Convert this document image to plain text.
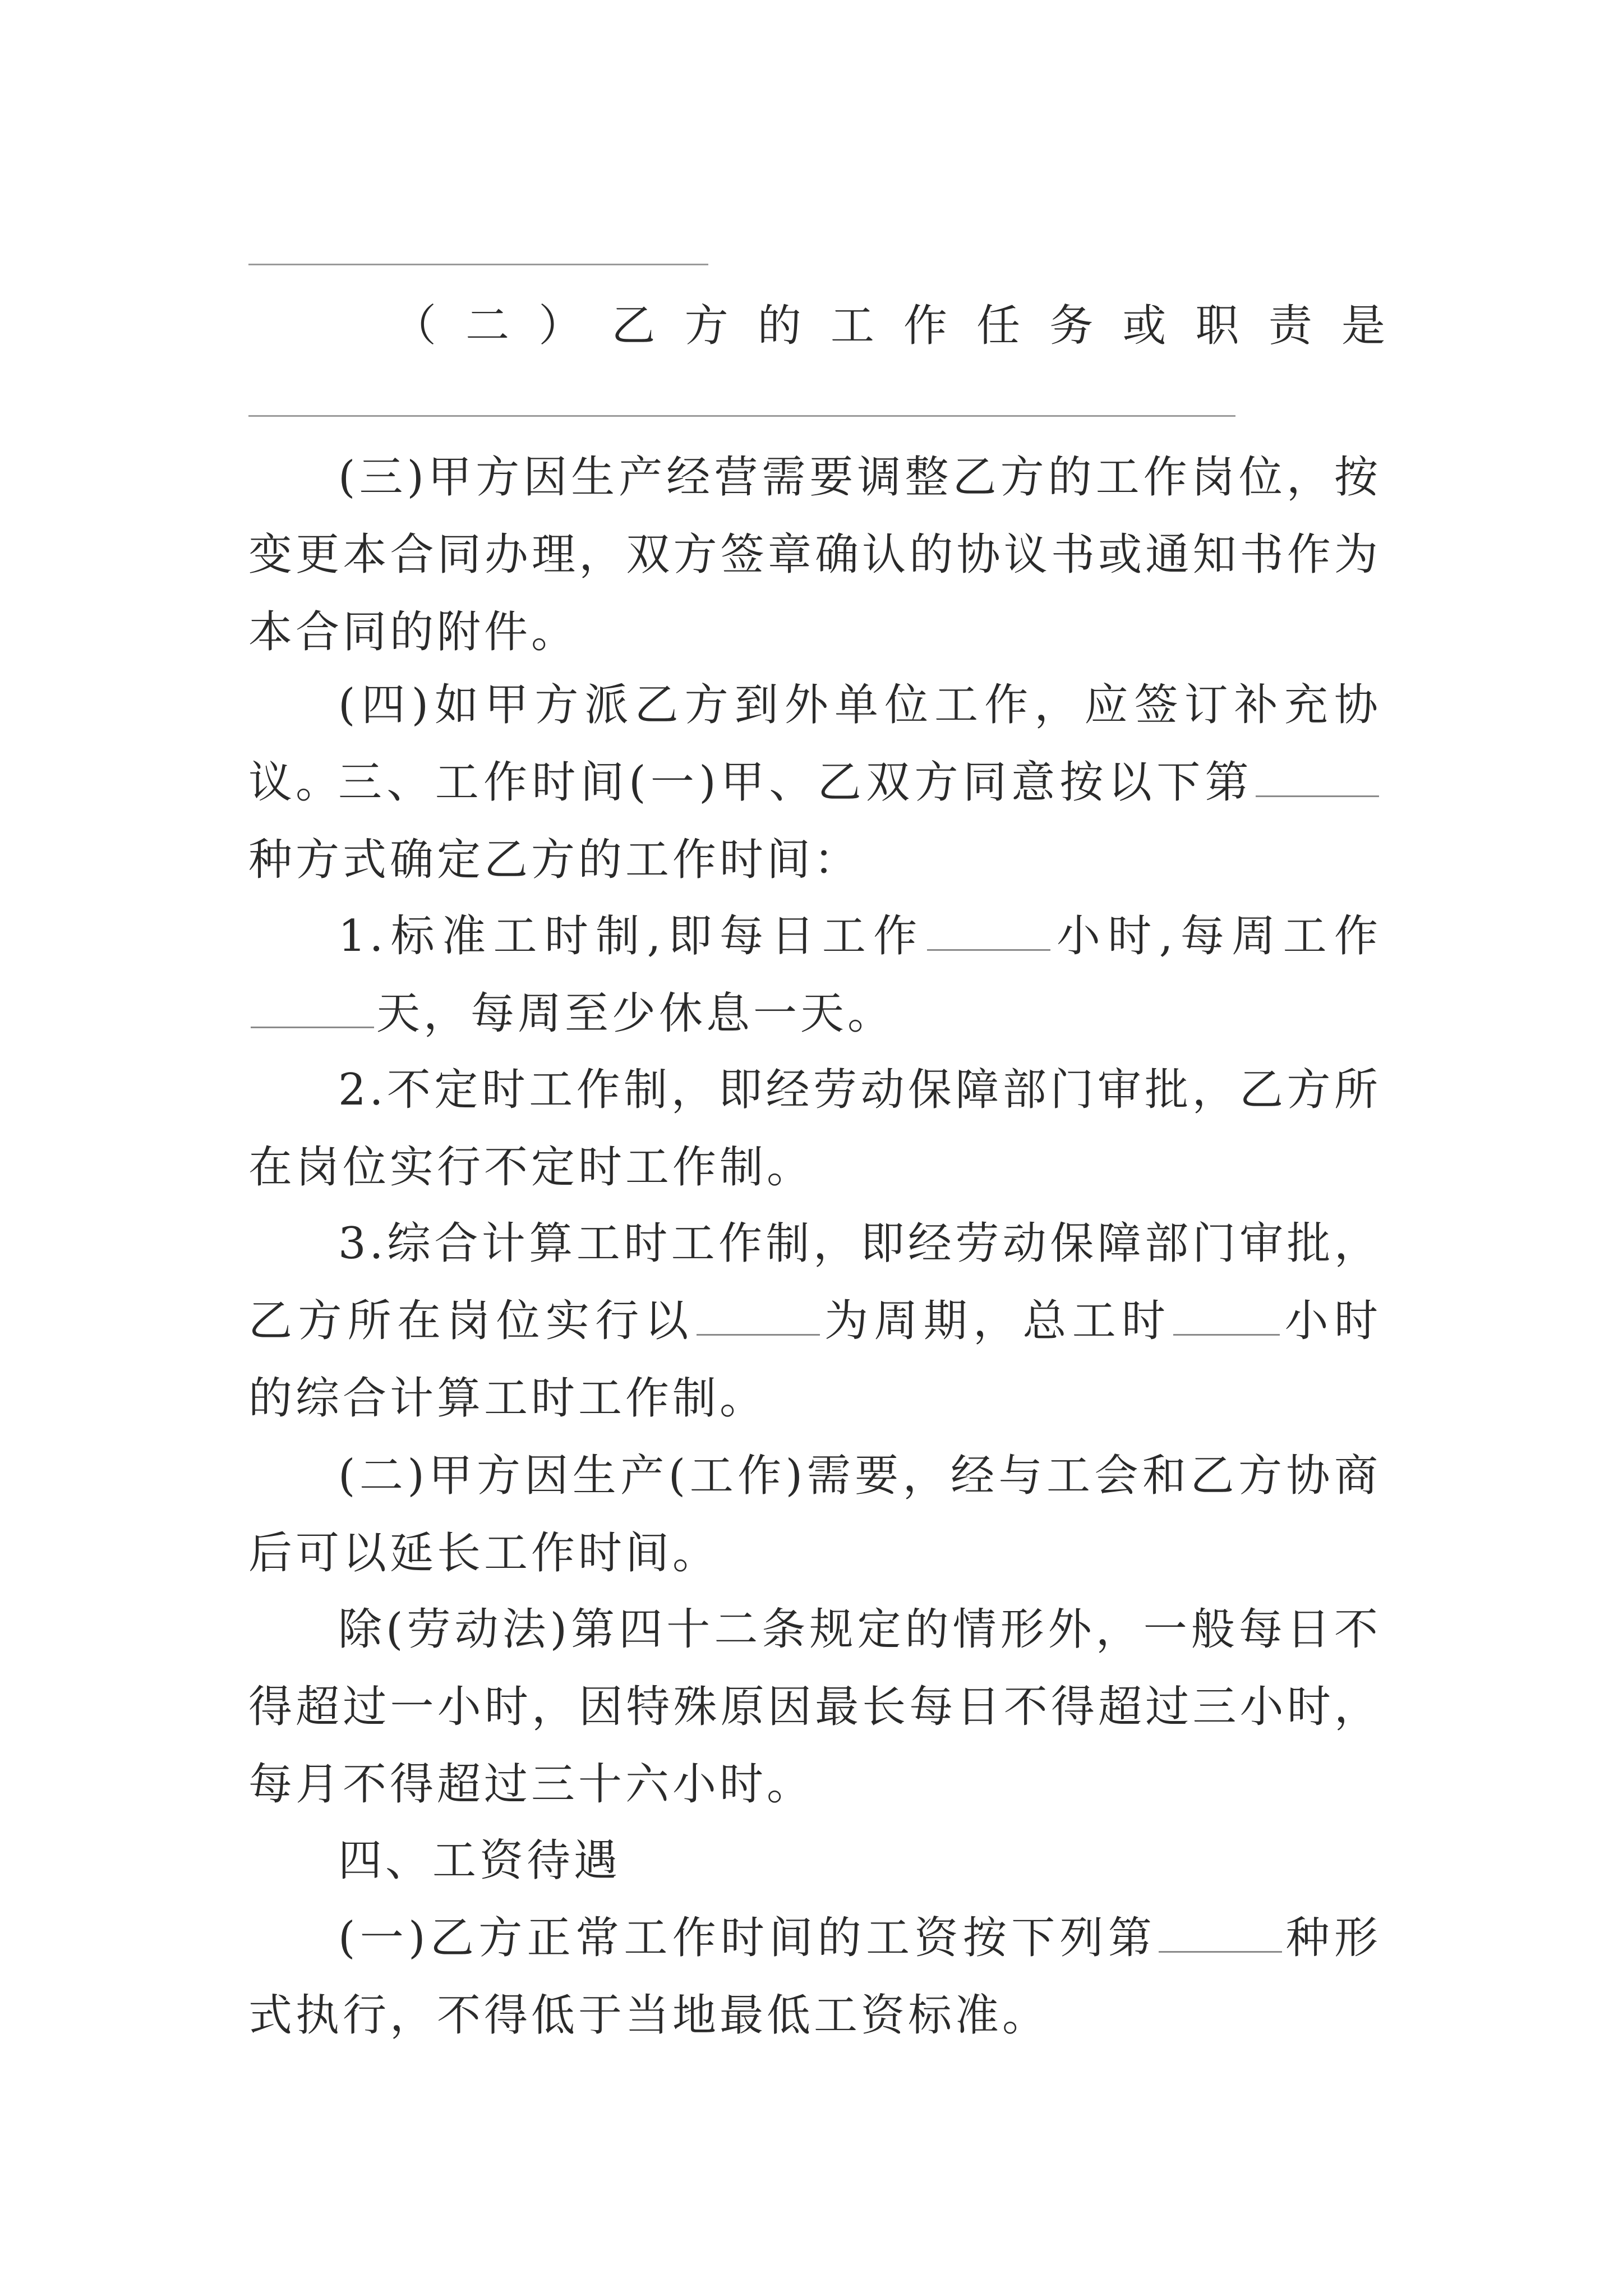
（ 二 ） 乙 方 的 工 作 任 务 或 职 责 是
(三)甲方因生产经营需要调整乙方的工作岗位，按变更本合同办理，双方签章确认的协议书或通知书作为本合同的附件。
(四)如甲方派乙方到外单位工作，应签订补充协议。
三、工作时间(一)甲、乙双方同意按以下第种方式确定乙方的工作时间：
1.标准工时制,即每日工作	小时,每周工作天，每周至少休息一天。
2.不定时工作制，即经劳动保障部门审批，乙方所在岗位实行不定时工作制。
3.综合计算工时工作制，即经劳动保障部门审批，乙方所在岗位实行以	为周期，总工时	小时的综合计算工时工作制。
(二)甲方因生产(工作)需要，经与工会和乙方协商后可以延长工作时间。
除(劳动法)第四十二条规定的情形外，一般每日不得超过一小时，因特殊原因最长每日不得超过三小时，每月不得超过三十六小时。
四、工资待遇
(一)乙方正常工作时间的工资按下列第	种形式执行，不得低于当地最低工资标准。
